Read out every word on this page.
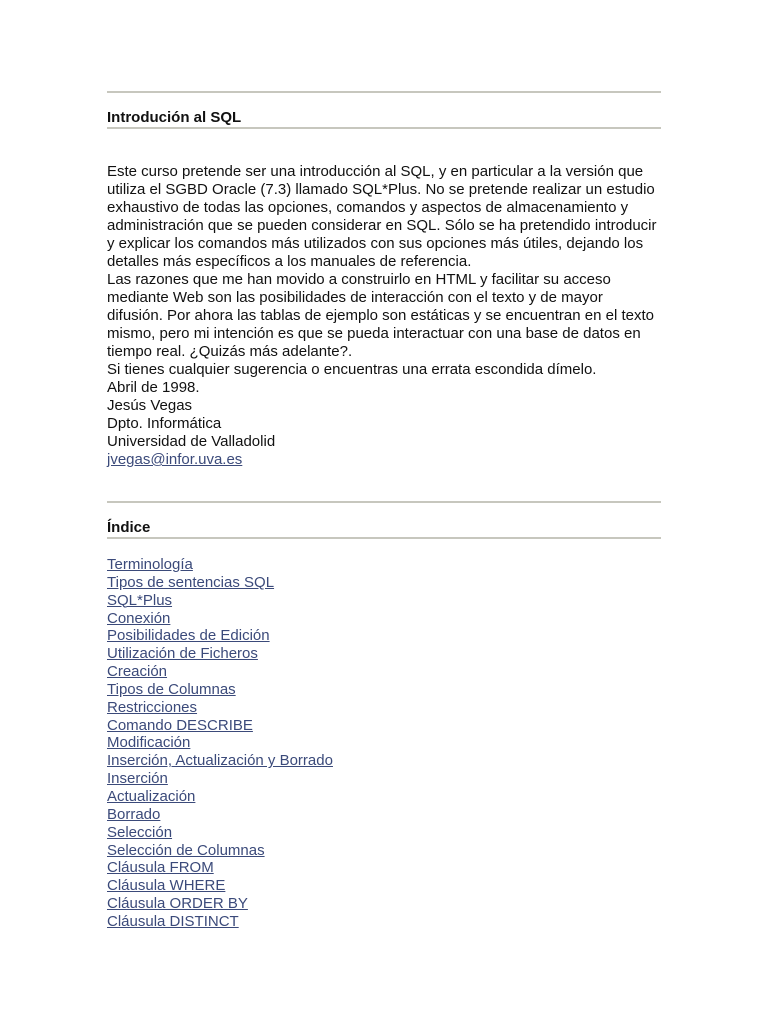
Introdución al SQL
Este curso pretende ser una introducción al SQL, y en particular a la versión que
utiliza el SGBD Oracle (7.3) llamado SQL*Plus. No se pretende realizar un estudio
exhaustivo de todas las opciones, comandos y aspectos de almacenamiento y
administración que se pueden considerar en SQL. Sólo se ha pretendido introducir
y explicar los comandos más utilizados con sus opciones más útiles, dejando los
detalles más específicos a los manuales de referencia.
Las razones que me han movido a construirlo en HTML y facilitar su acceso
mediante Web son las posibilidades de interacción con el texto y de mayor
difusión. Por ahora las tablas de ejemplo son estáticas y se encuentran en el texto
mismo, pero mi intención es que se pueda interactuar con una base de datos en
tiempo real. ¿Quizás más adelante?.
Si tienes cualquier sugerencia o encuentras una errata escondida dímelo.
Abril de 1998.
Jesús Vegas
Dpto. Informática
Universidad de Valladolid
jvegas@infor.uva.es
Índice
Terminología
Tipos de sentencias SQL
SQL*Plus
Conexión
Posibilidades de Edición
Utilización de Ficheros
Creación
Tipos de Columnas
Restricciones
Comando DESCRIBE
Modificación
Inserción, Actualización y Borrado
Inserción
Actualización
Borrado
Selección
Selección de Columnas
Cláusula FROM
Cláusula WHERE
Cláusula ORDER BY
Cláusula DISTINCT
